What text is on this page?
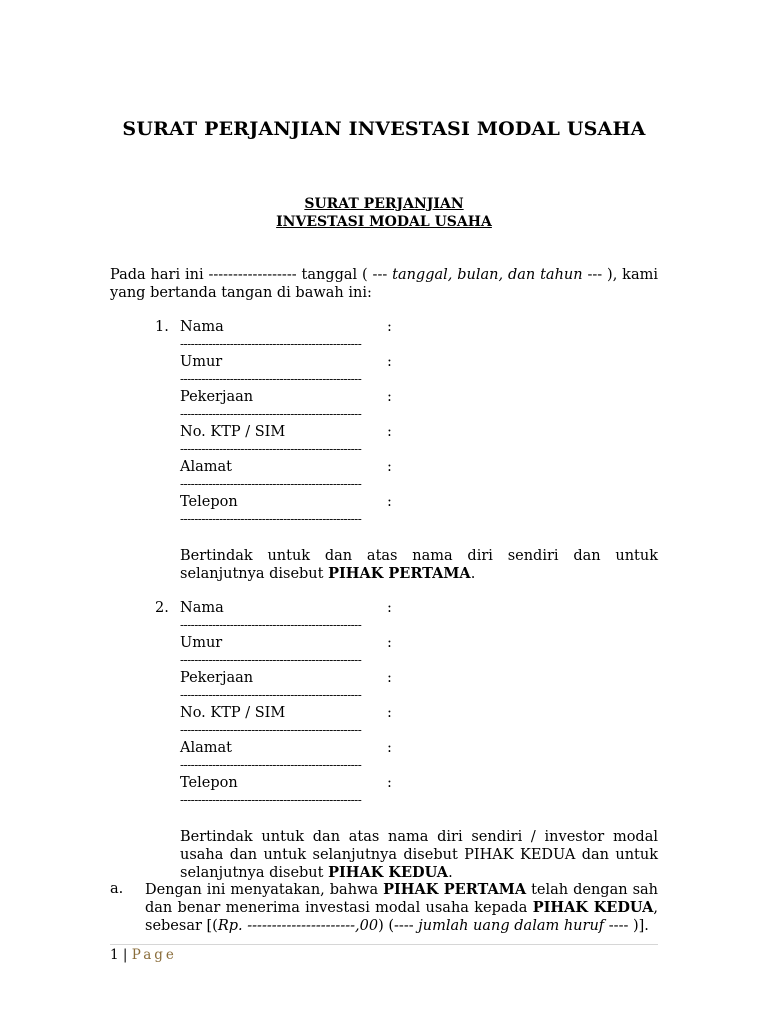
SURAT PERJANJIAN INVESTASI MODAL USAHA
SURAT PERJANJIAN
INVESTASI MODAL USAHA
Pada hari ini ------------------ tanggal ( --- tanggal, bulan, dan tahun --- ), kami yang bertanda tangan di bawah ini:
1. Nama	:
---------------------------------------------------
Umur	:
---------------------------------------------------
Pekerjaan	:
---------------------------------------------------
No. KTP / SIM	:
---------------------------------------------------
Alamat	:
---------------------------------------------------
Telepon	:
---------------------------------------------------
Bertindak untuk dan atas nama diri sendiri dan untuk selanjutnya disebut PIHAK PERTAMA.
2. Nama	:
---------------------------------------------------
Umur	:
---------------------------------------------------
Pekerjaan	:
---------------------------------------------------
No. KTP / SIM	:
---------------------------------------------------
Alamat	:
---------------------------------------------------
Telepon	:
---------------------------------------------------
Bertindak untuk dan atas nama diri sendiri / investor modal usaha dan untuk selanjutnya disebut PIHAK KEDUA dan untuk selanjutnya disebut PIHAK KEDUA.
a. Dengan ini menyatakan, bahwa PIHAK PERTAMA telah dengan sah dan benar menerima investasi modal usaha kepada PIHAK KEDUA, sebesar [(Rp. ----------------------,00) (---- jumlah uang dalam huruf ---- )].
1 | Page
